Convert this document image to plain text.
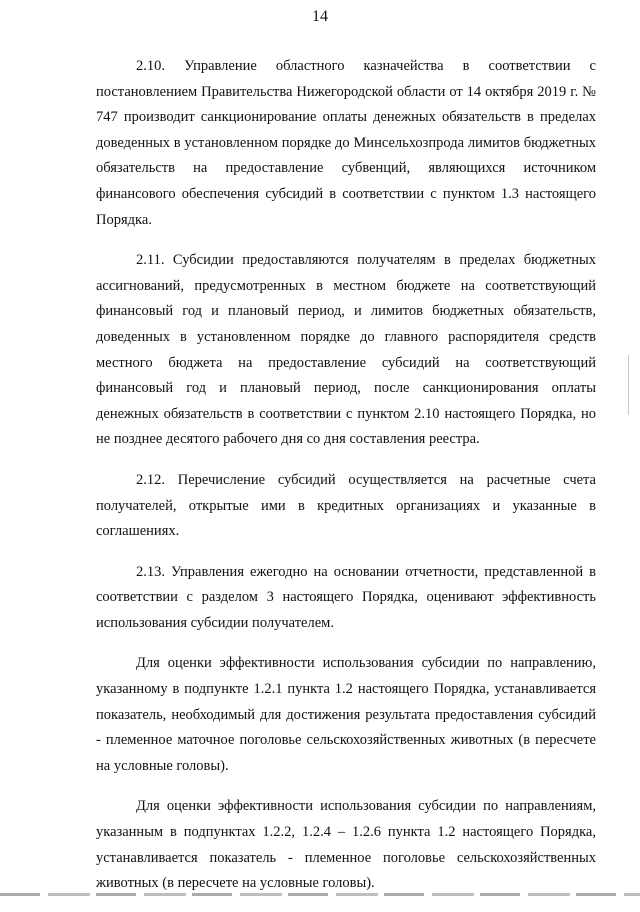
14

2.10. Управление областного казначейства в соответствии с постановлением Правительства Нижегородской области от 14 октября 2019 г. № 747 производит санкционирование оплаты денежных обязательств в пределах доведенных в установленном порядке до Минсельхозпрода лимитов бюджетных обязательств на предоставление субвенций, являющихся источником финансового обеспечения субсидий в соответствии с пунктом 1.3 настоящего Порядка.

2.11. Субсидии предоставляются получателям в пределах бюджетных ассигнований, предусмотренных в местном бюджете на соответствующий финансовый год и плановый период, и лимитов бюджетных обязательств, доведенных в установленном порядке до главного распорядителя средств местного бюджета на предоставление субсидий на соответствующий финансовый год и плановый период, после санкционирования оплаты денежных обязательств в соответствии с пунктом 2.10 настоящего Порядка, но не позднее десятого рабочего дня со дня составления реестра.

2.12. Перечисление субсидий осуществляется на расчетные счета получателей, открытые ими в кредитных организациях и указанные в соглашениях.

2.13. Управления ежегодно на основании отчетности, представленной в соответствии с разделом 3 настоящего Порядка, оценивают эффективность использования субсидии получателем.

Для оценки эффективности использования субсидии по направлению, указанному в подпункте 1.2.1 пункта 1.2 настоящего Порядка, устанавливается показатель, необходимый для достижения результата предоставления субсидий - племенное маточное поголовье сельскохозяйственных животных (в пересчете на условные головы).

Для оценки эффективности использования субсидии по направлениям, указанным в подпунктах 1.2.2, 1.2.4 – 1.2.6 пункта 1.2 настоящего Порядка, устанавливается показатель - племенное поголовье сельскохозяйственных животных (в пересчете на условные головы).
